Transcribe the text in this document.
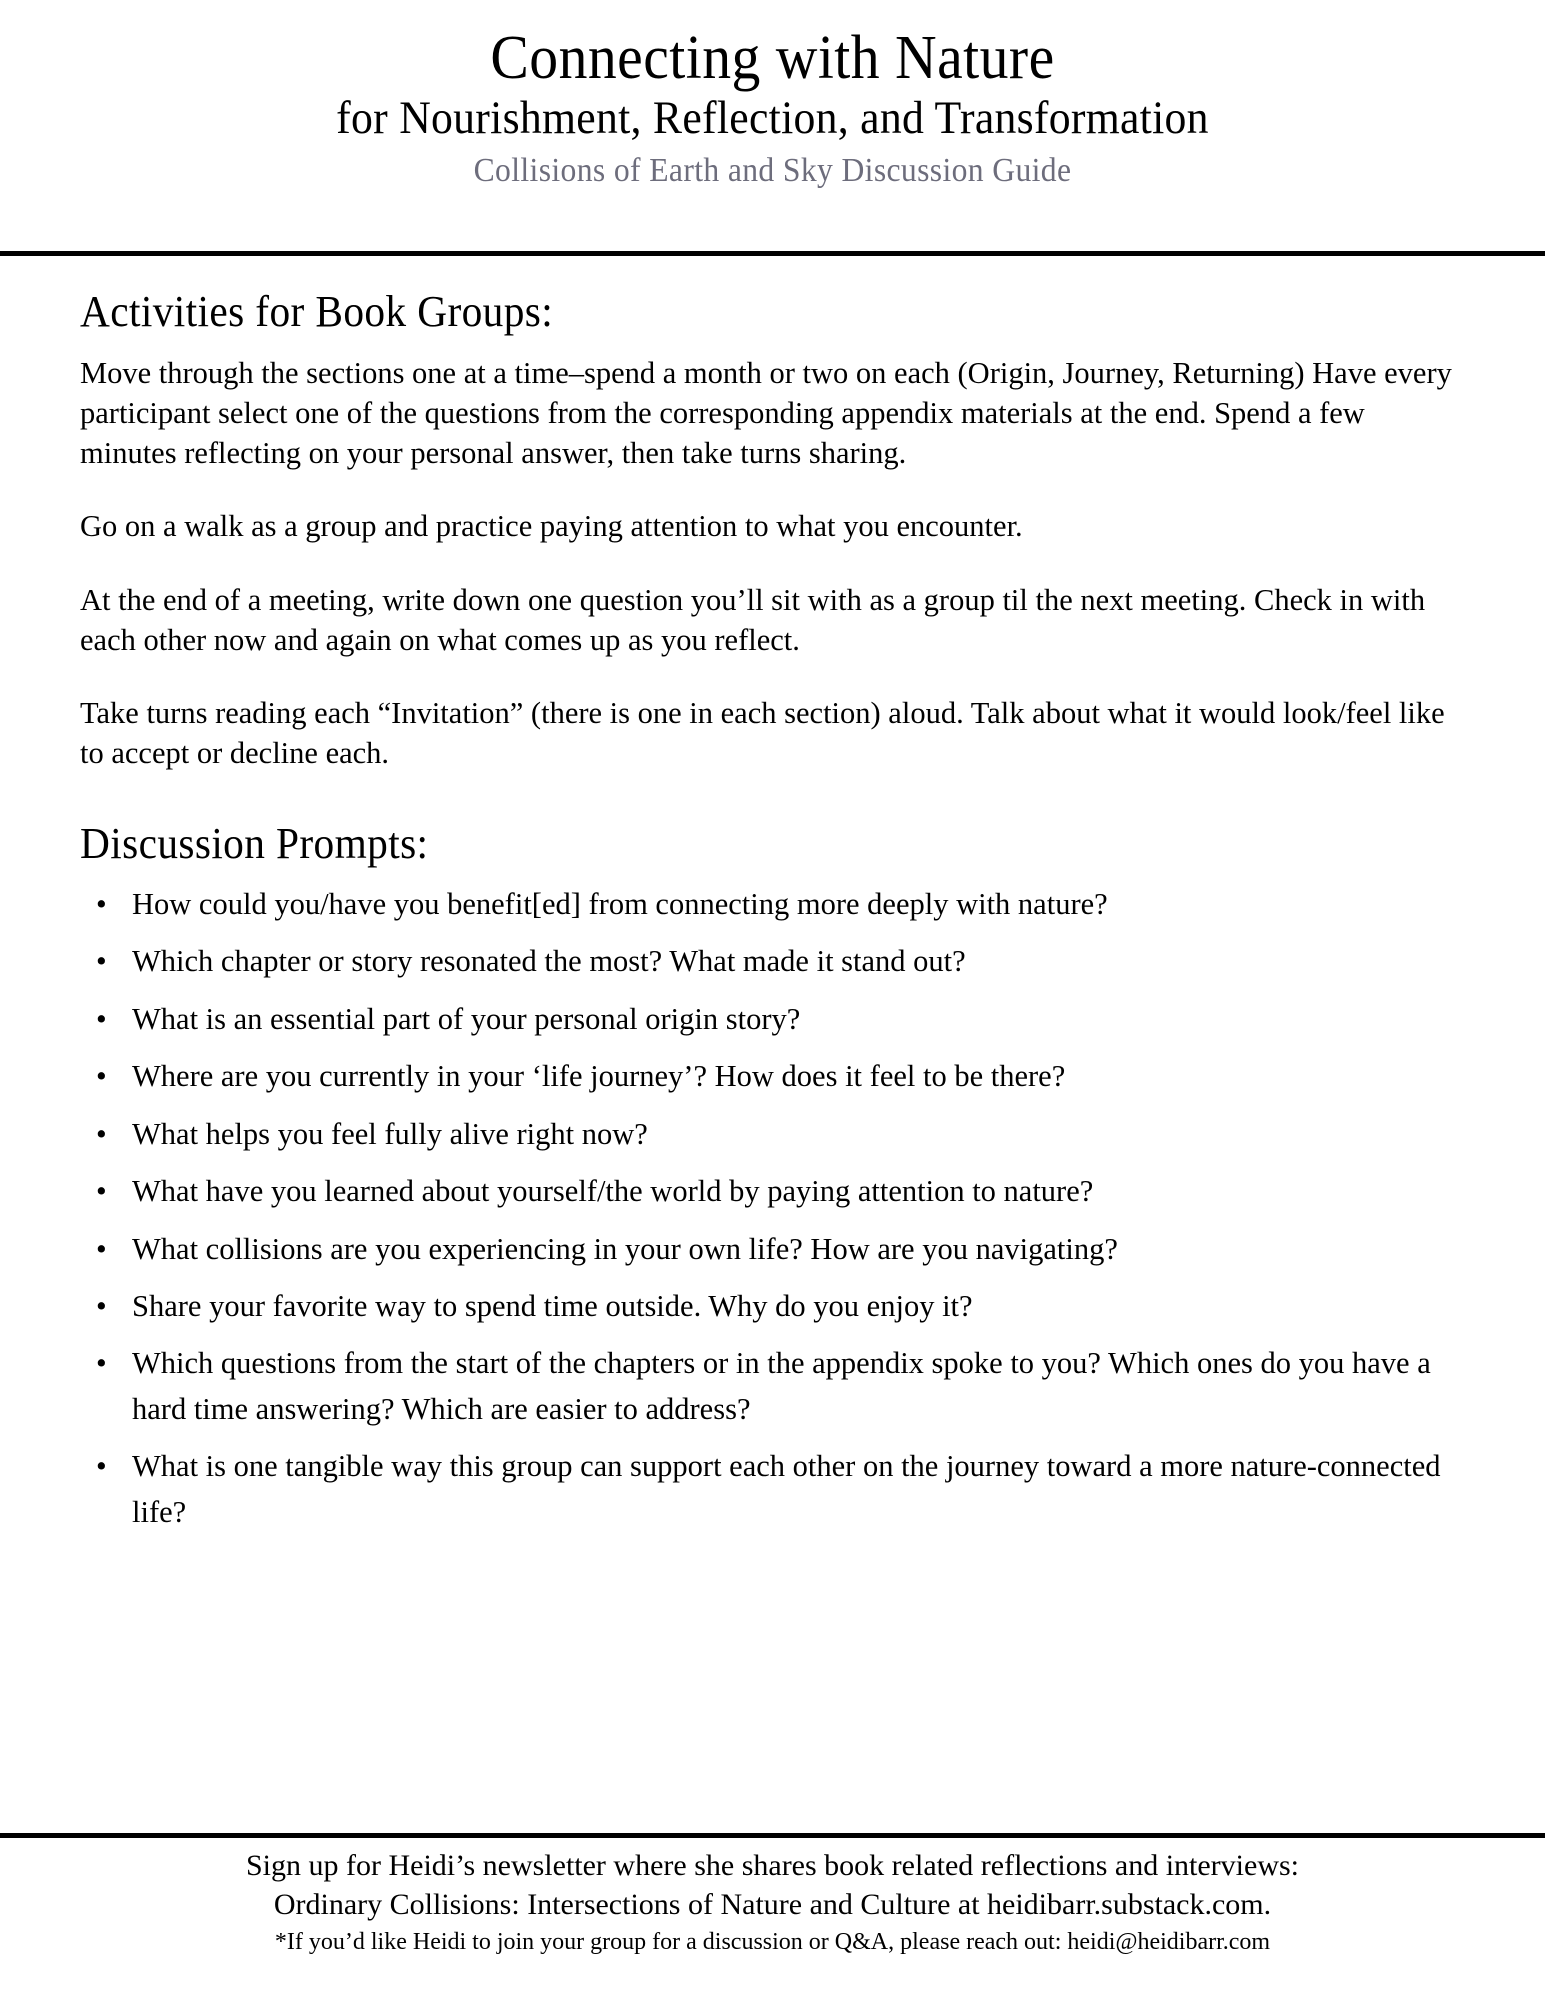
Connecting with Nature
for Nourishment, Reflection, and Transformation
Collisions of Earth and Sky Discussion Guide
Activities for Book Groups:

Move through the sections one at a time–spend a month or two on each (Origin, Journey, Returning) Have every participant select one of the questions from the corresponding appendix materials at the end. Spend a few minutes reflecting on your personal answer, then take turns sharing.

Go on a walk as a group and practice paying attention to what you encounter.

At the end of a meeting, write down one question you’ll sit with as a group til the next meeting. Check in with each other now and again on what comes up as you reflect.

Take turns reading each “Invitation” (there is one in each section) aloud. Talk about what it would look/feel like to accept or decline each.

Discussion Prompts:
• How could you/have you benefit[ed] from connecting more deeply with nature?
• Which chapter or story resonated the most? What made it stand out?
• What is an essential part of your personal origin story?
• Where are you currently in your ‘life journey’? How does it feel to be there?
• What helps you feel fully alive right now?
• What have you learned about yourself/the world by paying attention to nature?
• What collisions are you experiencing in your own life? How are you navigating?
• Share your favorite way to spend time outside. Why do you enjoy it?
• Which questions from the start of the chapters or in the appendix spoke to you? Which ones do you have a hard time answering? Which are easier to address?
• What is one tangible way this group can support each other on the journey toward a more nature-connected life?
Sign up for Heidi’s newsletter where she shares book related reflections and interviews:
Ordinary Collisions: Intersections of Nature and Culture at heidibarr.substack.com.
*If you’d like Heidi to join your group for a discussion or Q&A, please reach out: heidi@heidibarr.com
